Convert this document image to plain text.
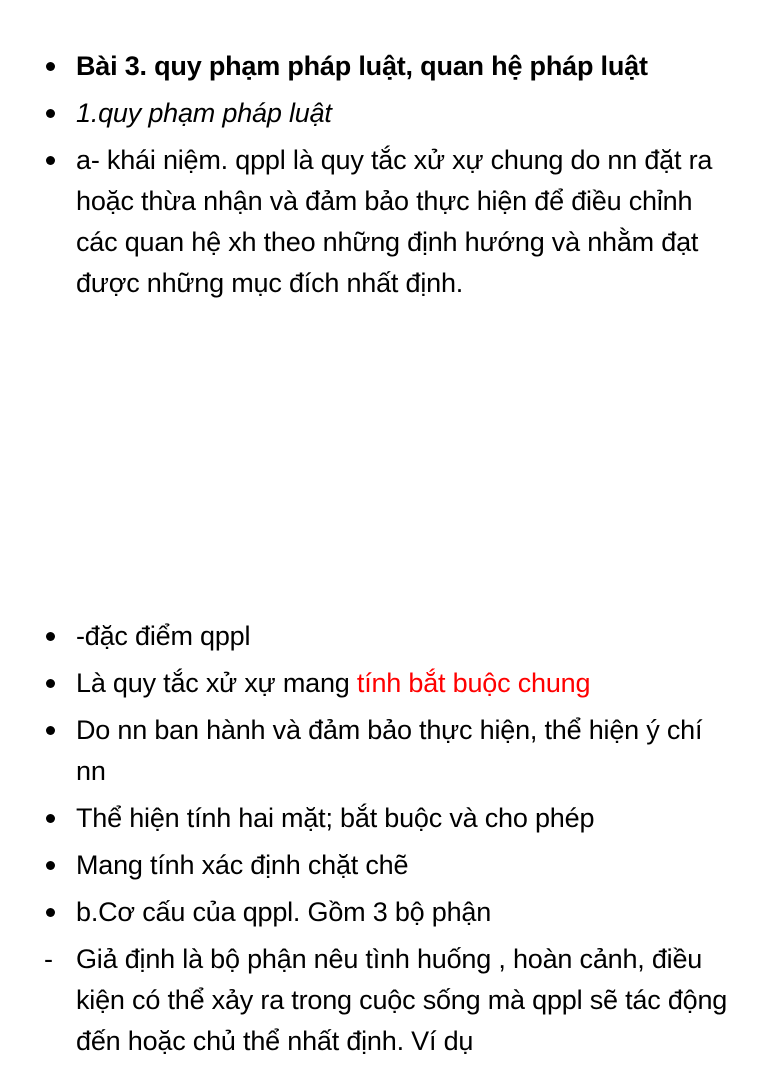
Bài 3. quy phạm pháp luật, quan hệ pháp luật
1.quy phạm pháp luật
a- khái niệm. qppl là quy tắc xử xự chung do nn đặt ra hoặc thừa nhận và đảm bảo thực hiện để điều chỉnh các quan hệ xh theo những định hướng và nhằm đạt được những mục đích nhất định.
-đặc điểm qppl
Là quy tắc xử xự mang tính bắt buộc chung
Do nn ban hành và đảm bảo thực hiện, thể hiện ý chí nn
Thể hiện tính hai mặt; bắt buộc và cho phép
Mang tính xác định chặt chẽ
b.Cơ cấu của qppl. Gồm 3 bộ phận
- Giả định là bộ phận nêu tình huống , hoàn cảnh, điều kiện có thể xảy ra trong cuộc sống mà qppl sẽ tác động đến hoặc chủ thể nhất định. Ví dụ
